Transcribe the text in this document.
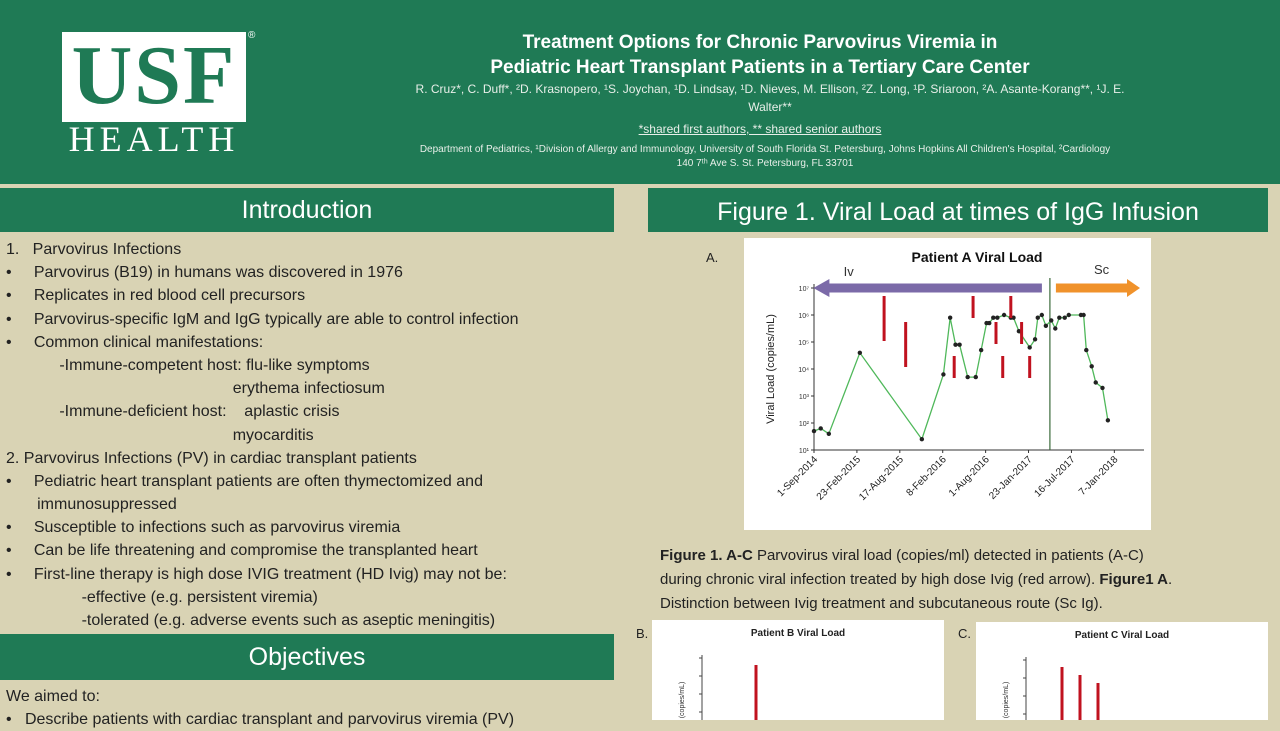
USF	®
HEALTH
Treatment Options for Chronic Parvovirus Viremia in
Pediatric Heart Transplant Patients in a Tertiary Care Center
R. Cruz*, C. Duff*, ²D. Krasnopero, ¹S. Joychan, ¹D. Lindsay, ¹D. Nieves, M. Ellison, ²Z. Long, ¹P. Sriaroon, ²A. Asante-Korang**, ¹J. E.
Walter**
*shared first authors, ** shared senior authors
Department of Pediatrics, ¹Division of Allergy and Immunology, University of South Florida St. Petersburg, Johns Hopkins All Children's Hospital, ²Cardiology
140 7ᵗʰ Ave S. St. Petersburg, FL 33701
Introduction
1.   Parvovirus Infections
•     Parvovirus (B19) in humans was discovered in 1976
•     Replicates in red blood cell precursors
•     Parvovirus-specific IgM and IgG typically are able to control infection
•     Common clinical manifestations:
-Immune-competent host: flu-like symptoms
erythema infectiosum
-Immune-deficient host:    aplastic crisis
myocarditis
2. Parvovirus Infections (PV) in cardiac transplant patients
•     Pediatric heart transplant patients are often thymectomized and
immunosuppressed
•     Susceptible to infections such as parvovirus viremia
•     Can be life threatening and compromise the transplanted heart
•     First-line therapy is high dose IVIG treatment (HD Ivig) may not be:
-effective (e.g. persistent viremia)
-tolerated (e.g. adverse events such as aseptic meningitis)
Objectives
We aimed to:
•   Describe patients with cardiac transplant and parvovirus viremia (PV)
Figure 1. Viral Load at times of IgG Infusion
A.	Patient A Viral Load
10¹
10²
10³
10⁴
10⁵
10⁶
10⁷
Viral Load (copies/mL)
1-Sep-2014
23-Feb-2015
17-Aug-2015
8-Feb-2016
1-Aug-2016
23-Jan-2017
16-Jul-2017 7-Jan-2018
Iv	Sc
Figure 1. A-C Parvovirus viral load (copies/ml) detected in patients (A-C)
during chronic viral infection treated by high dose Ivig (red arrow). Figure1 A.
Distinction between Ivig treatment and subcutaneous route (Sc Ig).
B.	Patient B Viral Load
(copies/mL)
C.	Patient C Viral Load
(copies/mL)
